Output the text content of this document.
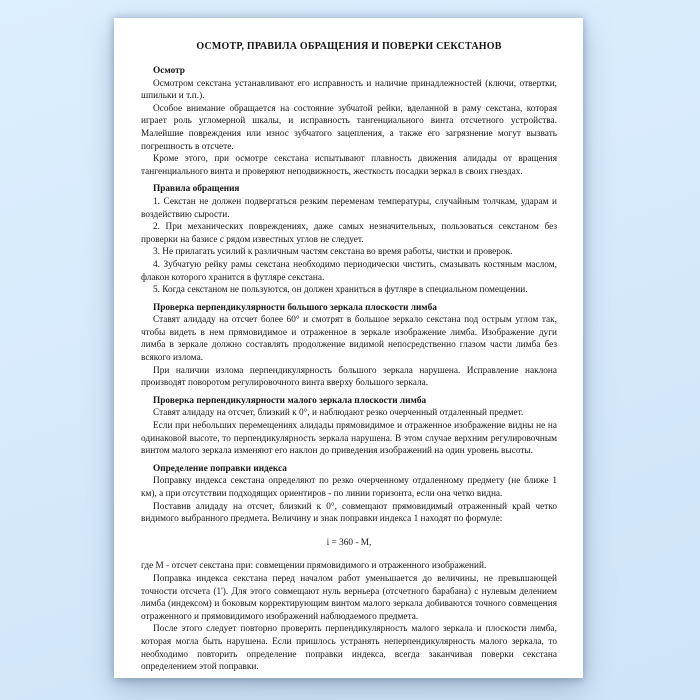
ОСМОТР, ПРАВИЛА ОБРАЩЕНИЯ И ПОВЕРКИ СЕКСТАНОВ
Осмотр

Осмотром секстана устанавливают его исправность и наличие принадлежностей (ключи, отвертки, шпильки и т.п.).

Особое внимание обращается на состояние зубчатой рейки, вделанной в раму секстана, которая играет роль угломерной шкалы, и исправность тангенциального винта отсчетного устройства. Малейшие повреждения или износ зубчатого зацепления, а также его загрязнение могут вызвать погрешность в отсчете.

Кроме этого, при осмотре секстана испытывают плавность движения алидады от вращения тангенциального винта и проверяют неподвижность, жесткость посадки зеркал в своих гнездах.

Правила обращения

1. Секстан не должен подвергаться резким переменам температуры, случайным толчкам, ударам и воздействию сырости.

2. При механических повреждениях, даже самых незначительных, пользоваться секстаном без проверки на базисе с рядом известных углов не следует.

3. Не прилагать усилий к различным частям секстана во время работы, чистки и проверок.

4. Зубчатую рейку рамы секстана необходимо периодически чистить, смазывать костяным маслом, флакон которого хранится в футляре секстана.

5. Когда секстаном не пользуются, он должен храниться в футляре в специальном помещении.

Проверка перпендикулярности большого зеркала плоскости лимба

Ставят алидаду на отсчет более 60° и смотрят в большое зеркало секстана под острым углом так, чтобы видеть в нем прямовидимое и отраженное в зеркале изображение лимба. Изображение дуги лимба в зеркале должно составлять продолжение видимой непосредственно глазом части лимба без всякого излома.

При наличии излома перпендикулярность большого зеркала нарушена. Исправление наклона производят поворотом регулировочного винта вверху большого зеркала.

Проверка перпендикулярности малого зеркала плоскости лимба

Ставят алидаду на отсчет, близкий к 0°, и наблюдают резко очерченный отдаленный предмет.

Если при небольших перемещениях алидады прямовидимое и отраженное изображение видны не на одинаковой высоте, то перпендикулярность зеркала нарушена. В этом случае верхним регулировочным винтом малого зеркала изменяют его наклон до приведения изображений на один уровень высоты.

Определение поправки индекса

Поправку индекса секстана определяют по резко очерченному отдаленному предмету (не ближе 1 км), а при отсутствии подходящих ориентиров - по линии горизонта, если она четко видна.

Поставив алидаду на отсчет, близкий к 0°, совмещают прямовидимый отраженный край четко видимого выбранного предмета. Величину и знак поправки индекса 1 находят по формуле:

i = 360 - М,

где М - отсчет секстана при: совмещении прямовидимого и отраженного изображений.

Поправка индекса секстана перед началом работ уменьшается до величины, не превышающей точности отсчета (1'). Для этого совмещают нуль верньера (отсчетного барабана) с нулевым делением лимба (индексом) и боковым корректирующим винтом малого зеркала добиваются точного совмещения отраженного и прямовидимого изображений наблюдаемого предмета.

После этого следует повторно проверить перпендикулярность малого зеркала и плоскости лимба, которая могла быть нарушена. Если пришлось устранять неперпендикулярность малого зеркала, то необходимо повторить определение поправки индекса, всегда заканчивая поверки секстана определением этой поправки.
